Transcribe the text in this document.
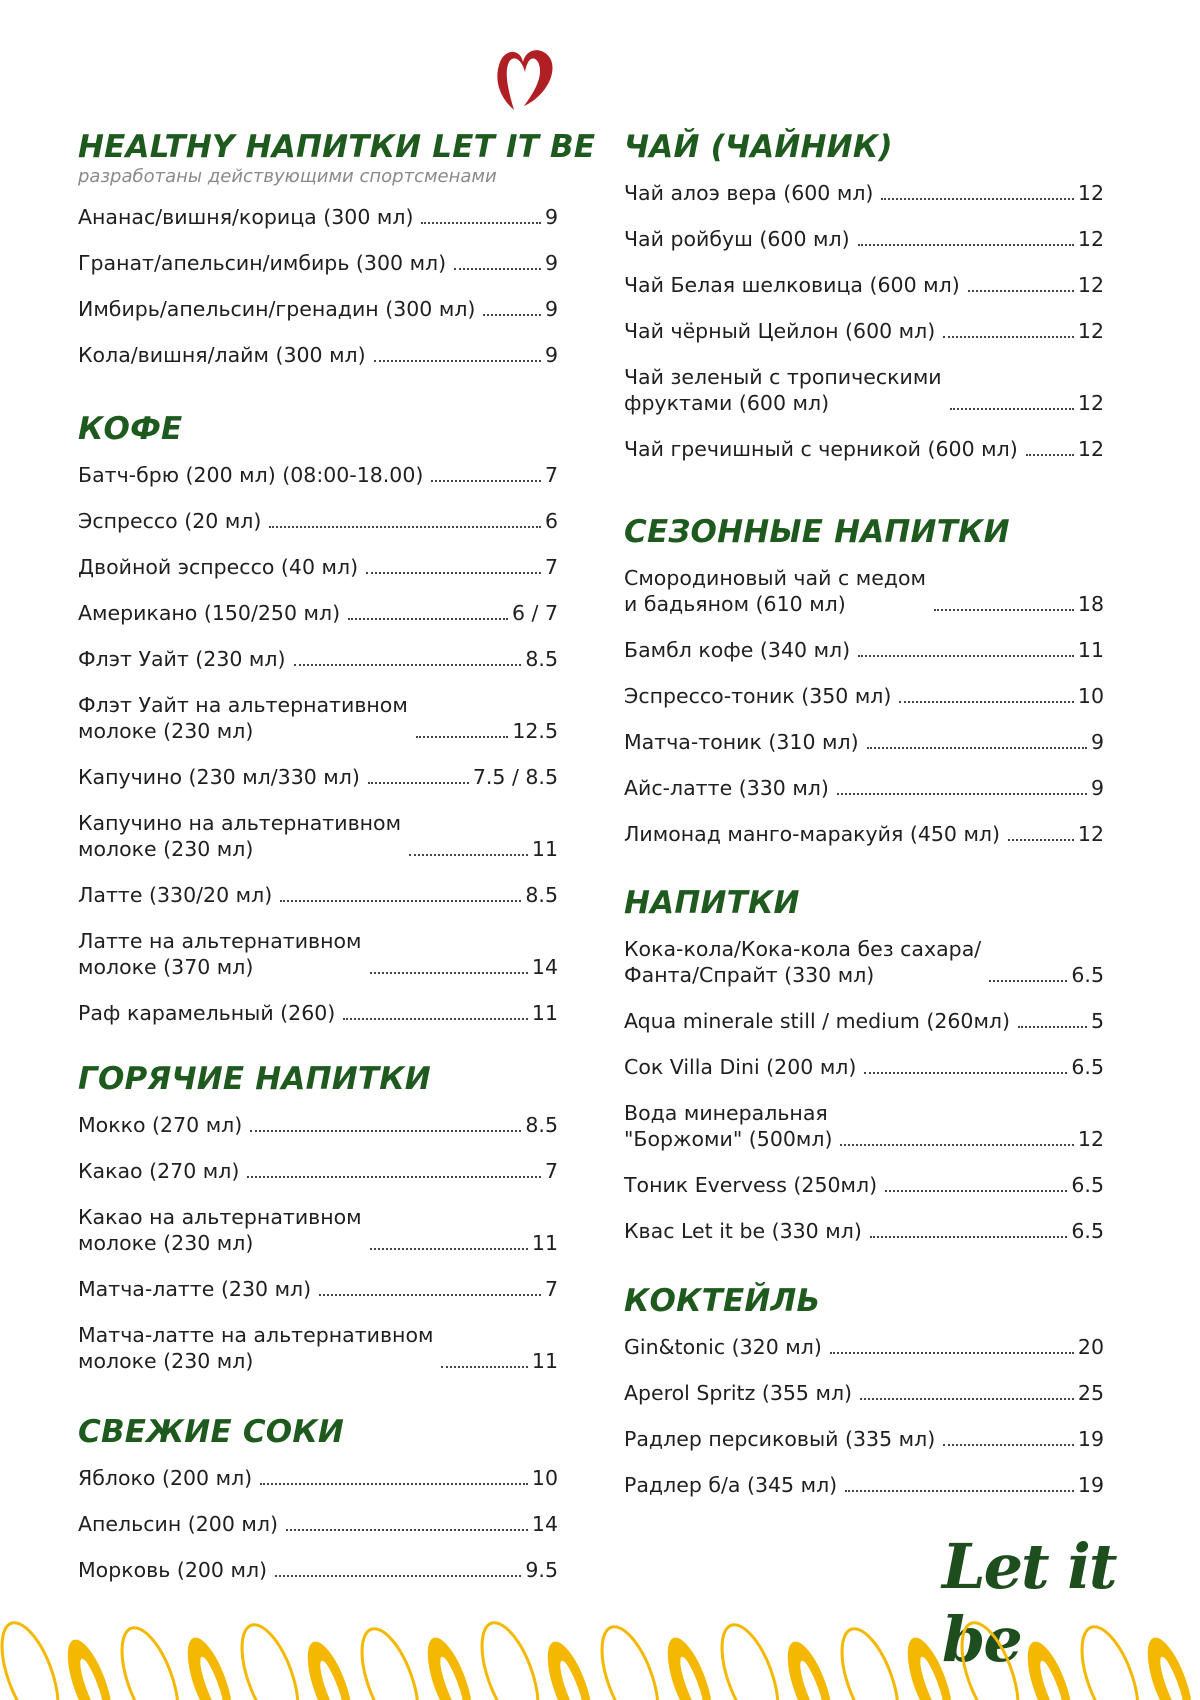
HEALTHY НАПИТКИ LET IT BE
разработаны действующими спортсменами
Ананас/вишня/корица (300 мл)	9
Гранат/апельсин/имбирь (300 мл)	9
Имбирь/апельсин/гренадин (300 мл)	9
Кола/вишня/лайм (300 мл)	9
КОФЕ
Батч-брю (200 мл) (08:00-18.00)	7
Эспрессо (20 мл)	6
Двойной эспрессо (40 мл)	7
Американо (150/250 мл)	6 / 7
Флэт Уайт (230 мл)	8.5
Флэт Уайт на альтернативном
молоке (230 мл)	12.5
Капучино (230 мл/330 мл)	7.5 / 8.5
Капучино на альтернативном
молоке (230 мл)	11
Латте (330/20 мл)	8.5
Латте на альтернативном
молоке (370 мл)	14
Раф карамельный (260)	11
ГОРЯЧИЕ НАПИТКИ
Мокко (270 мл)	8.5
Какао (270 мл)	7
Какао на альтернативном
молоке (230 мл)	11
Матча-латте (230 мл)	7
Матча-латте на альтернативном
молоке (230 мл)	11
СВЕЖИЕ СОКИ
Яблоко (200 мл)	10
Апельсин (200 мл)	14
Морковь (200 мл)	9.5
ЧАЙ (ЧАЙНИК)
Чай алоэ вера (600 мл)	12
Чай ройбуш (600 мл)	12
Чай Белая шелковица (600 мл)	12
Чай чёрный Цейлон (600 мл)	12
Чай зеленый с тропическими
фруктами (600 мл)	12
Чай гречишный с черникой (600 мл)	12
СЕЗОННЫЕ НАПИТКИ
Смородиновый чай с медом
и бадьяном (610 мл)	18
Бамбл кофе (340 мл)	11
Эспрессо-тоник (350 мл)	10
Матча-тоник (310 мл)	9
Айс-латте (330 мл)	9
Лимонад манго-маракуйя (450 мл)	12
НАПИТКИ
Кока-кола/Кока-кола без сахара/
Фанта/Спрайт (330 мл)	6.5
Aqua minerale still / medium (260мл)	5
Сок Villa Dini (200 мл)	6.5
Вода минеральная
"Боржоми" (500мл)	12
Тоник Evervess (250мл)	6.5
Квас Let it be (330 мл)	6.5
КОКТЕЙЛЬ
Gin&tonic (320 мл)	20
Aperol Spritz (355 мл)	25
Радлер персиковый (335 мл)	19
Радлер б/а (345 мл)	19
Let it be
